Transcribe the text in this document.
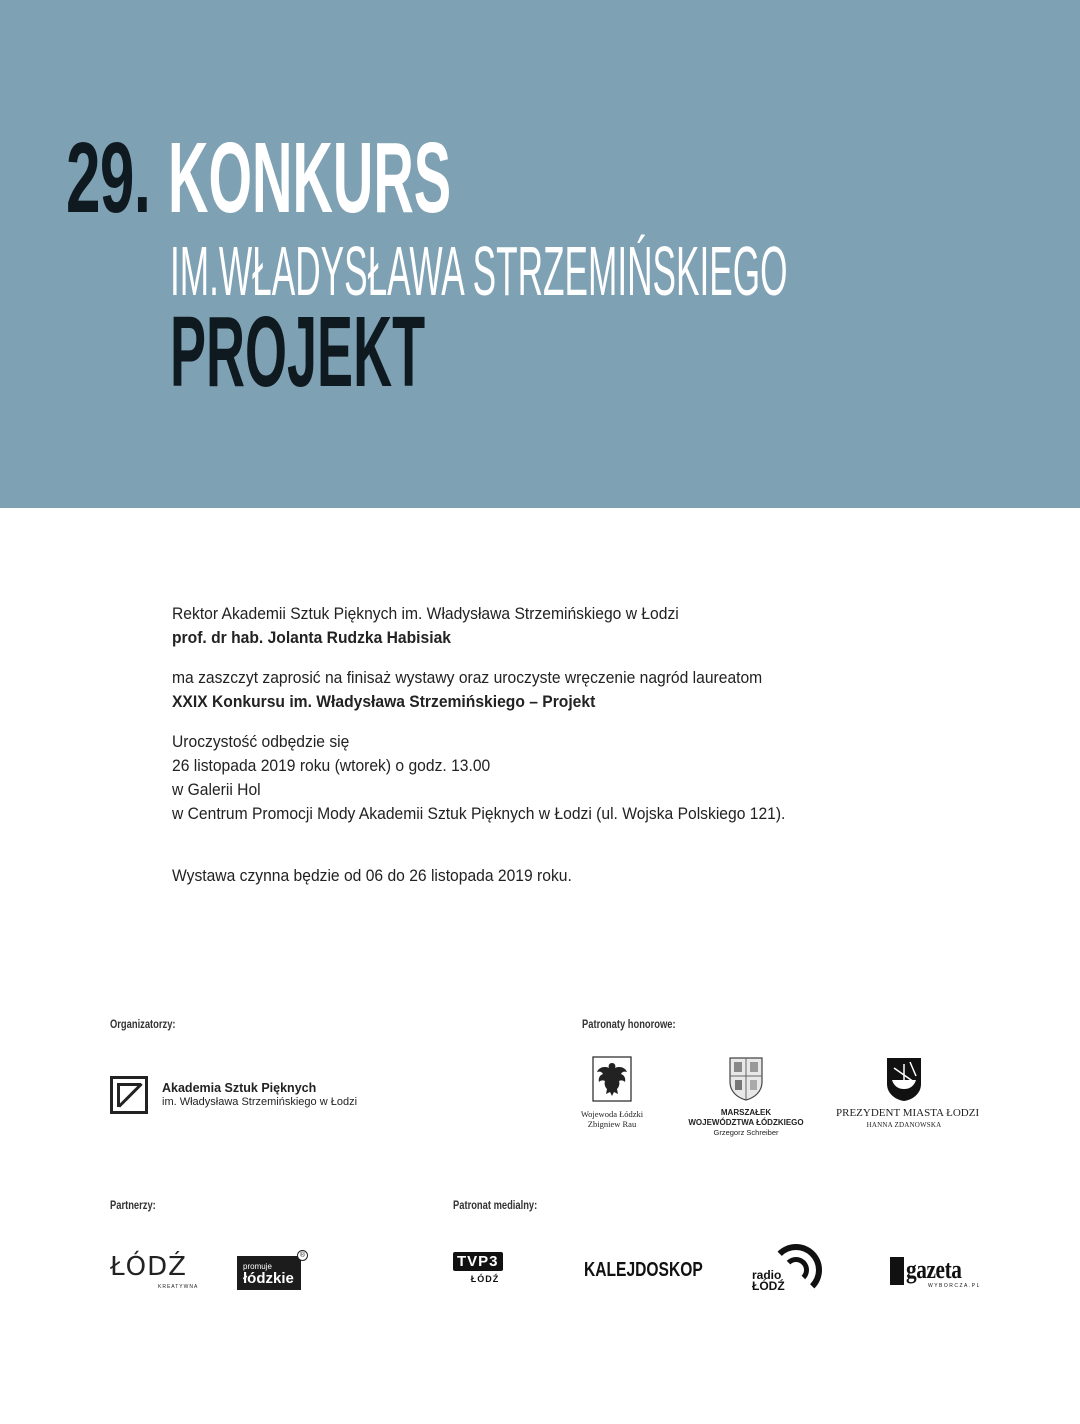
29. KONKURS
IM.WŁADYSŁAWA STRZEMIŃSKIEGO
PROJEKT

Rektor Akademii Sztuk Pięknych im. Władysława Strzemińskiego w Łodzi

prof. dr hab. Jolanta Rudzka Habisiak

ma zaszczyt zaprosić na finisaż wystawy oraz uroczyste wręczenie nagród laureatom

XXIX Konkursu im. Władysława Strzemińskiego – Projekt

Uroczystość odbędzie się

26 listopada 2019 roku (wtorek) o godz. 13.00

w Galerii Hol

w Centrum Promocji Mody Akademii Sztuk Pięknych w Łodzi (ul. Wojska Polskiego 121).

Wystawa czynna będzie od 06 do 26 listopada 2019 roku.

Organizatorzy:	Patronaty honorowe:
Partnerzy:	Patronat medialny:
Akademia Sztuk Pięknych
im. Władysława Strzemińskiego w Łodzi
Wojewoda Łódzki
Zbigniew Rau
MARSZAŁEK
WOJEWÓDZTWA ŁÓDZKIEGO
Grzegorz Schreiber
PREZYDENT MIASTA ŁODZI
HANNA ZDANOWSKA
ŁÓDŹ
KREATYWNA
promuje
łódzkie
®	TVP3
ŁÓDŹ	KALEJDOSKOP	radio
ŁÓDŹ
gazeta
WYBORCZA.PL
